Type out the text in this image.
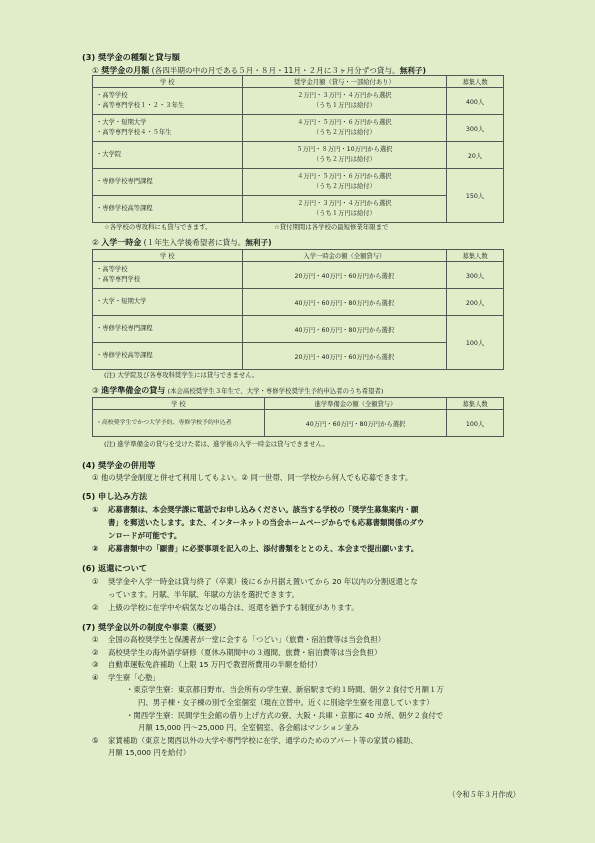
(3) 奨学金の種類と貸与額
① 奨学金の月額 (各四半期の中の月である５月・８月・11月・２月に３ヶ月分ずつ貸与。無利子)
学 校	奨学金月額（貸与・一部給付あり）	募集人数

・高等学校
・高等専門学校１・２・３年生	２万円・３万円・４万円から選択
（うち１万円は給付）	400人

・大学・短期大学
・高等専門学校４・５年生	４万円・５万円・６万円から選択
（うち２万円は給付）	300人
・大学院	５万円・８万円・10万円から選択
（うち２万円は給付）	20人
・専修学校専門課程	４万円・５万円・６万円から選択
（うち２万円は給付）	150人
・専修学校高等課程	２万円・３万円・４万円から選択
（うち１万円は給付）	
☆各学校の専攻科にも貸与できます。	☆貸付期間は各学校の最短修業年限まで
② 入学一時金 (１年生入学後希望者に貸与。無利子)
学 校	入学一時金の額（全額貸与）	募集人数

・高等学校
・高等専門学校	20万円・40万円・60万円から選択	300人
・大学・短期大学	40万円・60万円・80万円から選択	200人
・専修学校専門課程	40万円・60万円・80万円から選択	100人
・専修学校高等課程	20万円・40万円・60万円から選択	
(注) 大学院及び各専攻科奨学生には貸与できません。
③ 進学準備金の貸与 (本会高校奨学生３年生で、大学・専修学校奨学生予約申込者のうち希望者)
学 校	進学準備金の額（全額貸与）	募集人数
・高校奨学生でかつ大学予約、専修学校予約申込者	40万円・60万円・80万円から選択	100人
(注) 進学準備金の貸与を受けた者は、進学後の入学一時金は貸与できません。
(4) 奨学金の併用等
① 他の奨学金制度と併せて利用してもよい。② 同一世帯、同一学校から何人でも応募できます。
(5) 申し込み方法
① 応募書類は、本会奨学課に電話でお申し込みください。該当する学校の「奨学生募集案内・願
書」を郵送いたします。また、インターネットの当会ホームページからでも応募書類関係のダウ
ンロードが可能です。
② 応募書類中の「願書」に必要事項を記入の上、添付書類をととのえ、本会まで提出願います。
(6) 返還について
① 奨学金や入学一時金は貸与終了（卒業）後に６か月据え置いてから 20 年以内の分割返還とな
っています。月賦、半年賦、年賦の方法を選択できます。
② 上級の学校に在学中や病気などの場合は、返還を猶予する制度があります。
(7) 奨学金以外の制度や事業（概要）
① 全国の高校奨学生と保護者が一堂に会する「つどい」（旅費・宿泊費等は当会負担）
② 高校奨学生の海外語学研修（夏休み期間中の３週間、旅費・宿泊費等は当会負担）
③ 自動車運転免許補助（上限 15 万円で教習所費用の半額を給付）
④ 学生寮「心塾」
・東京学生寮：東京都日野市、当会所有の学生寮、新宿駅まで約１時間、朝夕２食付で月額１万
円、男子棟・女子棟の別で全室個室（現在立替中。近くに別途学生寮を用意しています）
・関西学生寮：民間学生会館の借り上げ方式の寮、大阪・兵庫・京都に 40 カ所、朝夕２食付で
月額 15,000 円〜25,000 円、全室個室、各会館はマンション並み
⑤ 家賃補助（東京と関西以外の大学や専門学校に在学、通学のためのアパート等の家賃の補助、
月額 15,000 円を給付）
（令和５年３月作成）
